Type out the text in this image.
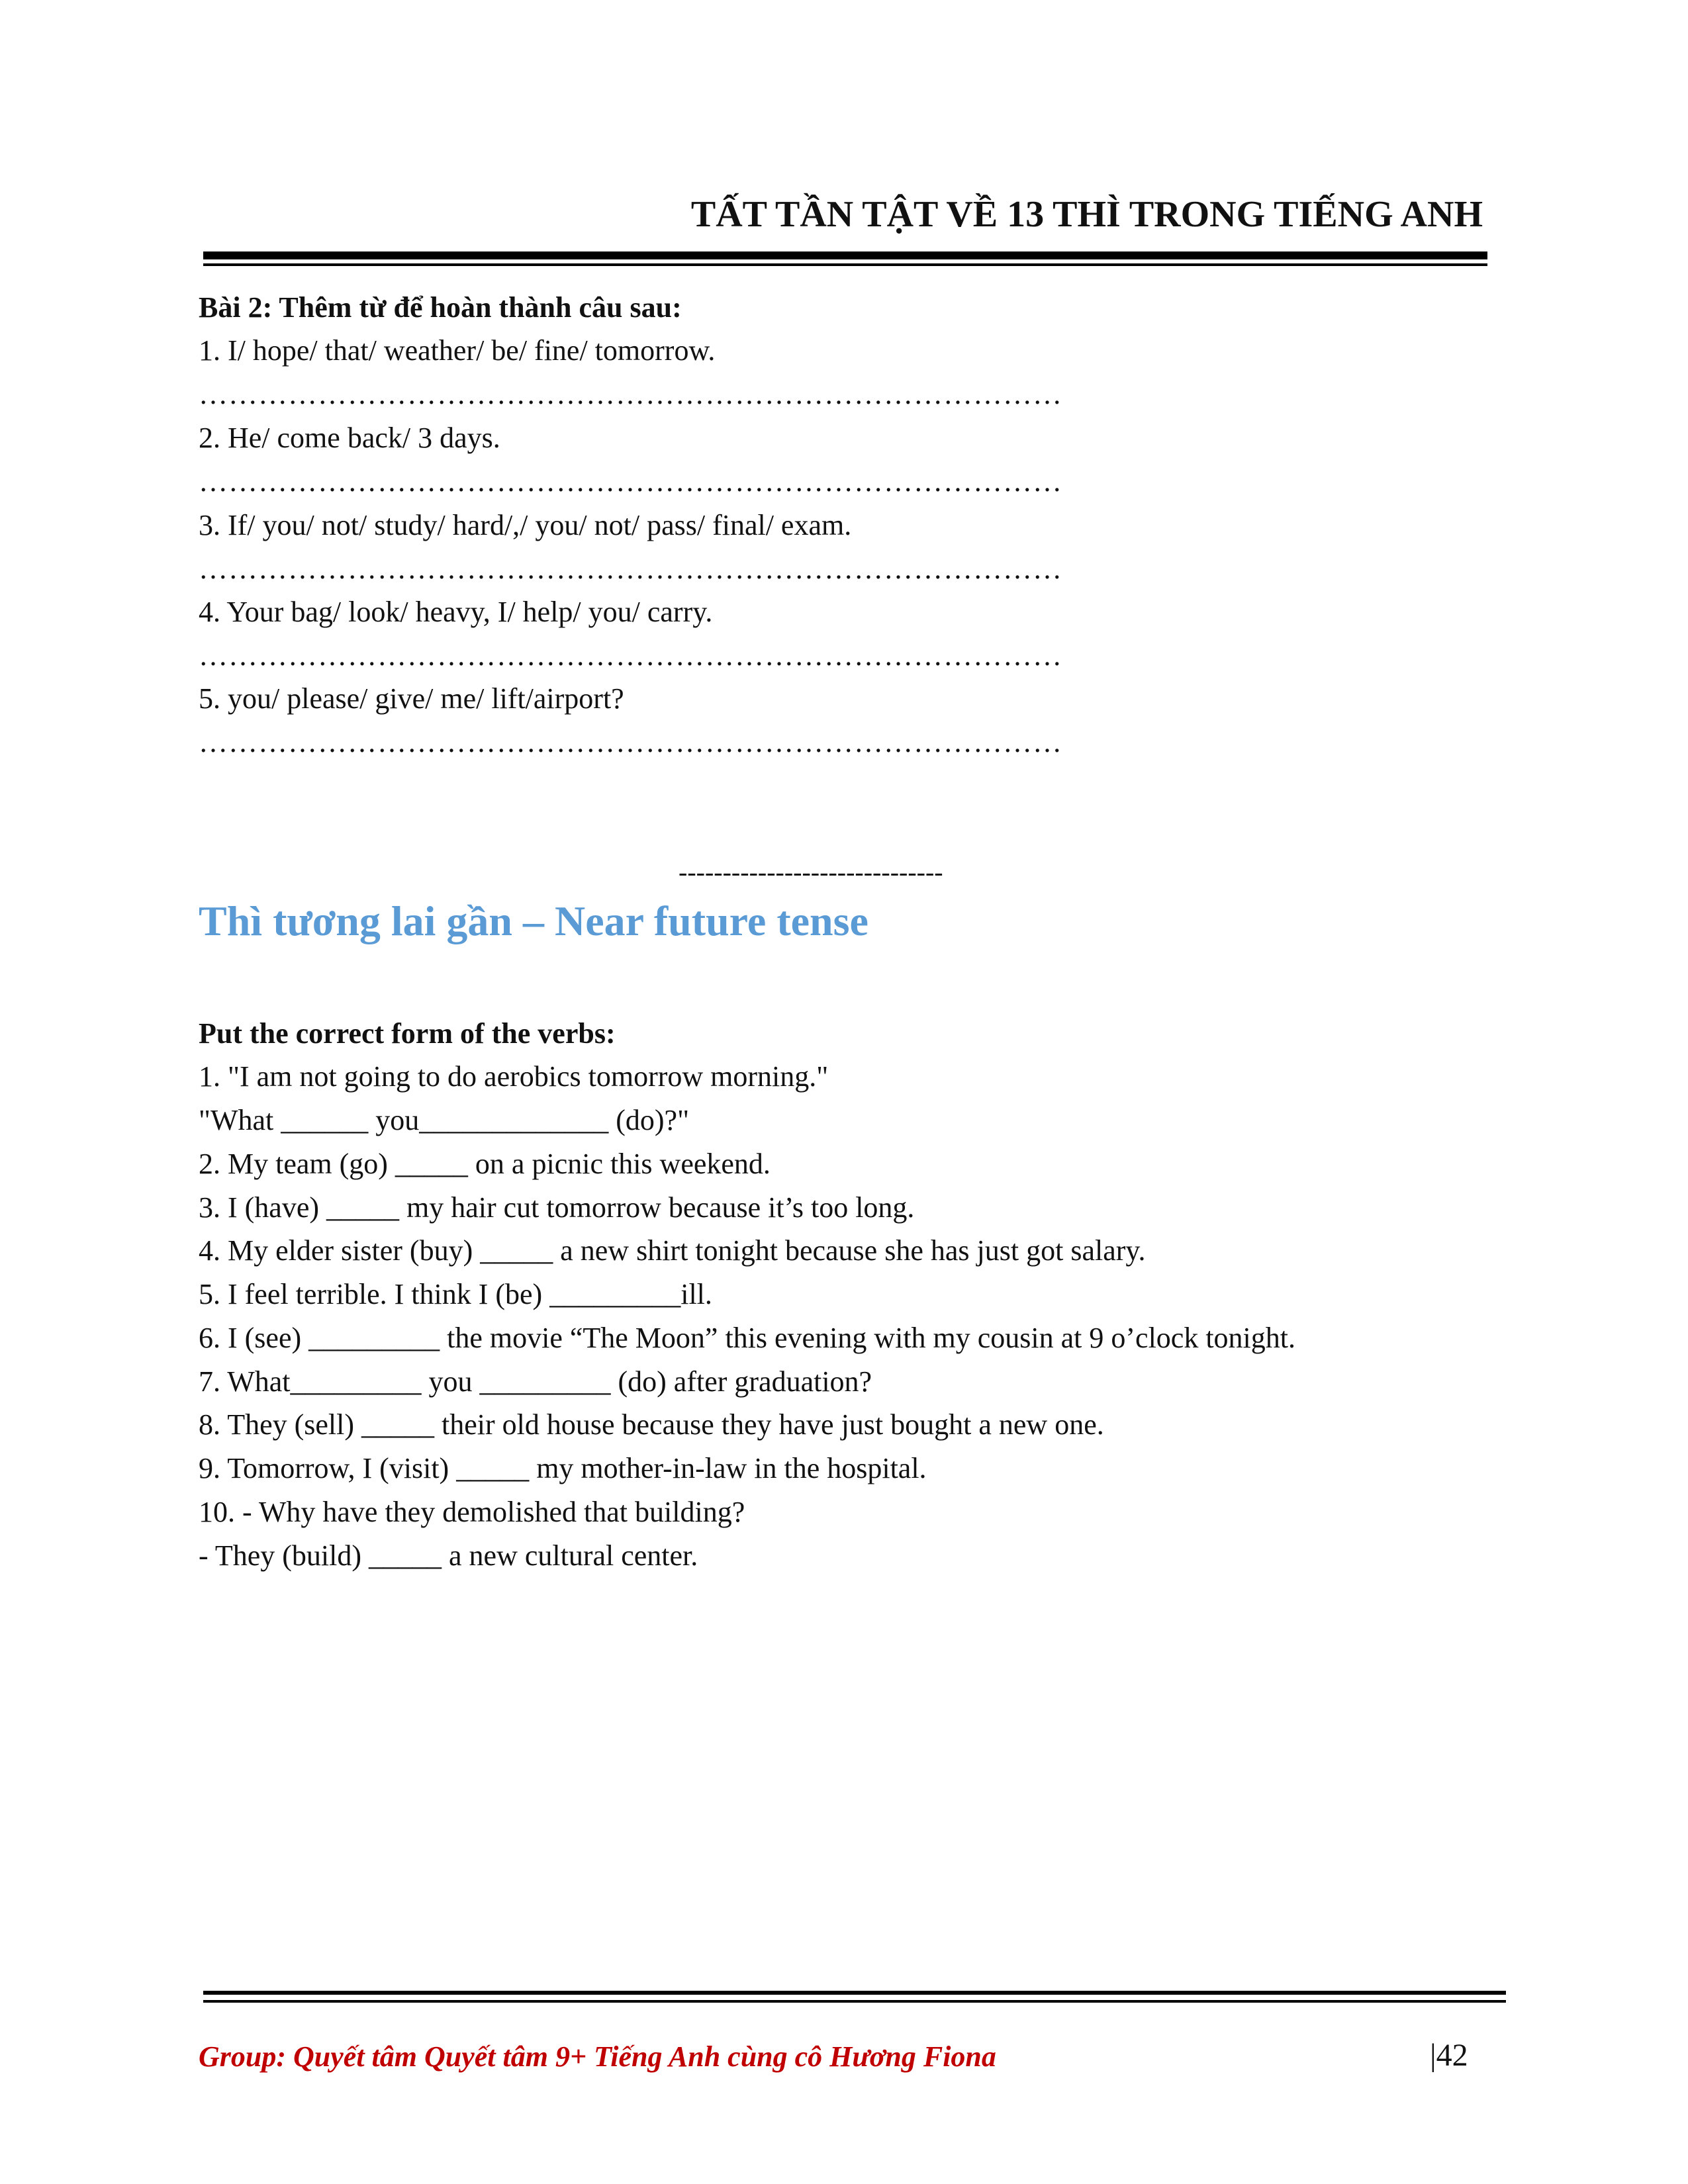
TẤT TẦN TẬT VỀ 13 THÌ TRONG TIẾNG ANH
Bài 2: Thêm từ để hoàn thành câu sau:
1. I/ hope/ that/ weather/ be/ fine/ tomorrow.
……………………………………………………………………………
2. He/ come back/ 3 days.
……………………………………………………………………………
3. If/ you/ not/ study/ hard/,/ you/ not/ pass/ final/ exam.
……………………………………………………………………………
4. Your bag/ look/ heavy, I/ help/ you/ carry.
……………………………………………………………………………
5. you/ please/ give/ me/ lift/airport?
……………………………………………………………………………
------------------------------
Thì tương lai gần – Near future tense
Put the correct form of the verbs:
1. "I am not going to do aerobics tomorrow morning."
"What ______ you_____________ (do)?"
2. My team (go) _____ on a picnic this weekend.
3. I (have) _____ my hair cut tomorrow because it’s too long.
4. My elder sister (buy) _____ a new shirt tonight because she has just got salary.
5. I feel terrible. I think I (be) _________ill.
6. I (see) _________ the movie “The Moon” this evening with my cousin at 9 o’clock tonight.
7. What_________ you _________ (do) after graduation?
8. They (sell) _____ their old house because they have just bought a new one.
9. Tomorrow, I (visit) _____ my mother-in-law in the hospital.
10. - Why have they demolished that building?
- They (build) _____ a new cultural center.
Group: Quyết tâm Quyết tâm 9+ Tiếng Anh cùng cô Hương Fiona	|42
